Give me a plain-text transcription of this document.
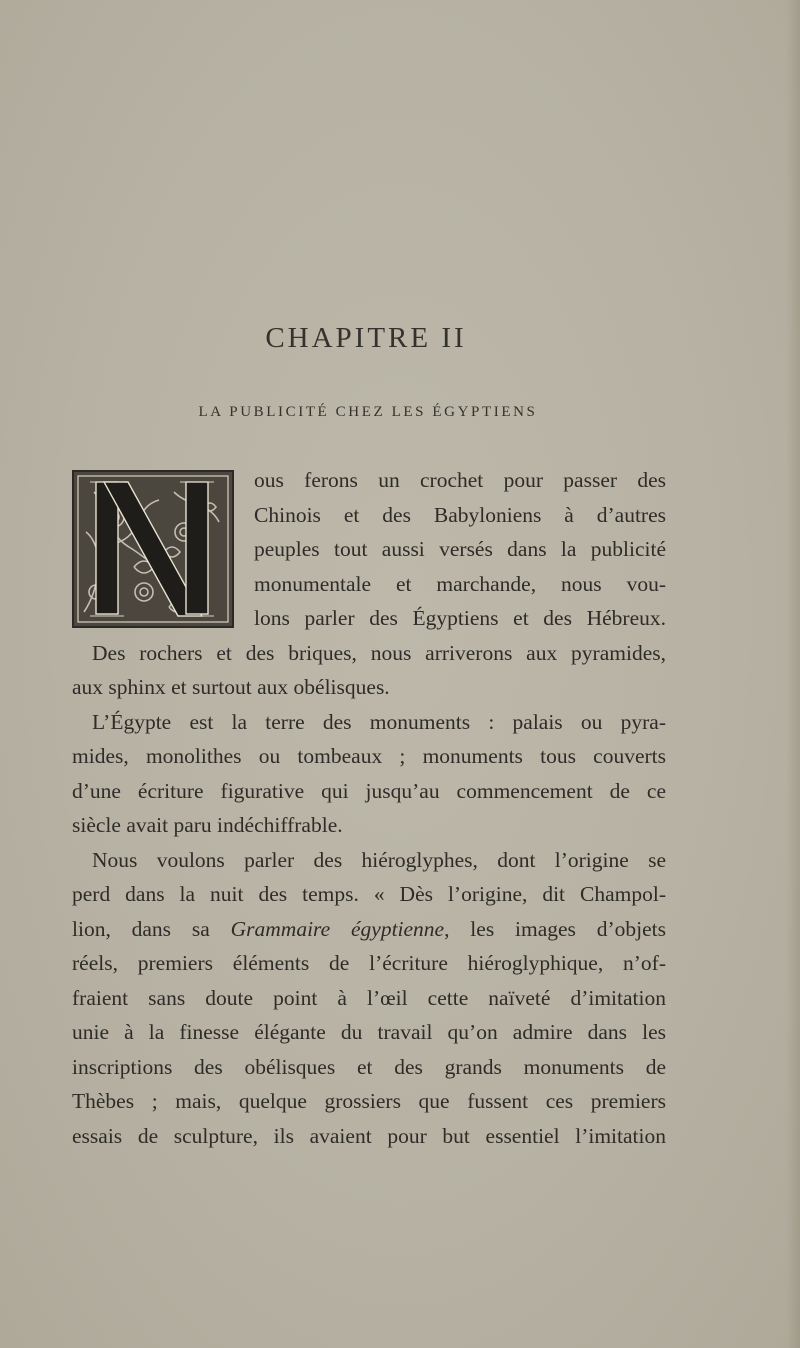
CHAPITRE II
LA PUBLICITÉ CHEZ LES ÉGYPTIENS
ous ferons un crochet pour passer des
Chinois et des Babyloniens à d’autres
peuples tout aussi versés dans la publicité
monumentale et marchande, nous vou-
lons parler des Égyptiens et des Hébreux.
Des rochers et des briques, nous arriverons aux pyramides,
aux sphinx et surtout aux obélisques.
L’Égypte est la terre des monuments : palais ou pyra-
mides, monolithes ou tombeaux ; monuments tous couverts
d’une écriture figurative qui jusqu’au commencement de ce
siècle avait paru indéchiffrable.
Nous voulons parler des hiéroglyphes, dont l’origine se
perd dans la nuit des temps. « Dès l’origine, dit Champol-
lion, dans sa Grammaire égyptienne, les images d’objets
réels, premiers éléments de l’écriture hiéroglyphique, n’of-
fraient sans doute point à l’œil cette naïveté d’imitation
unie à la finesse élégante du travail qu’on admire dans les
inscriptions des obélisques et des grands monuments de
Thèbes ; mais, quelque grossiers que fussent ces premiers
essais de sculpture, ils avaient pour but essentiel l’imitation
